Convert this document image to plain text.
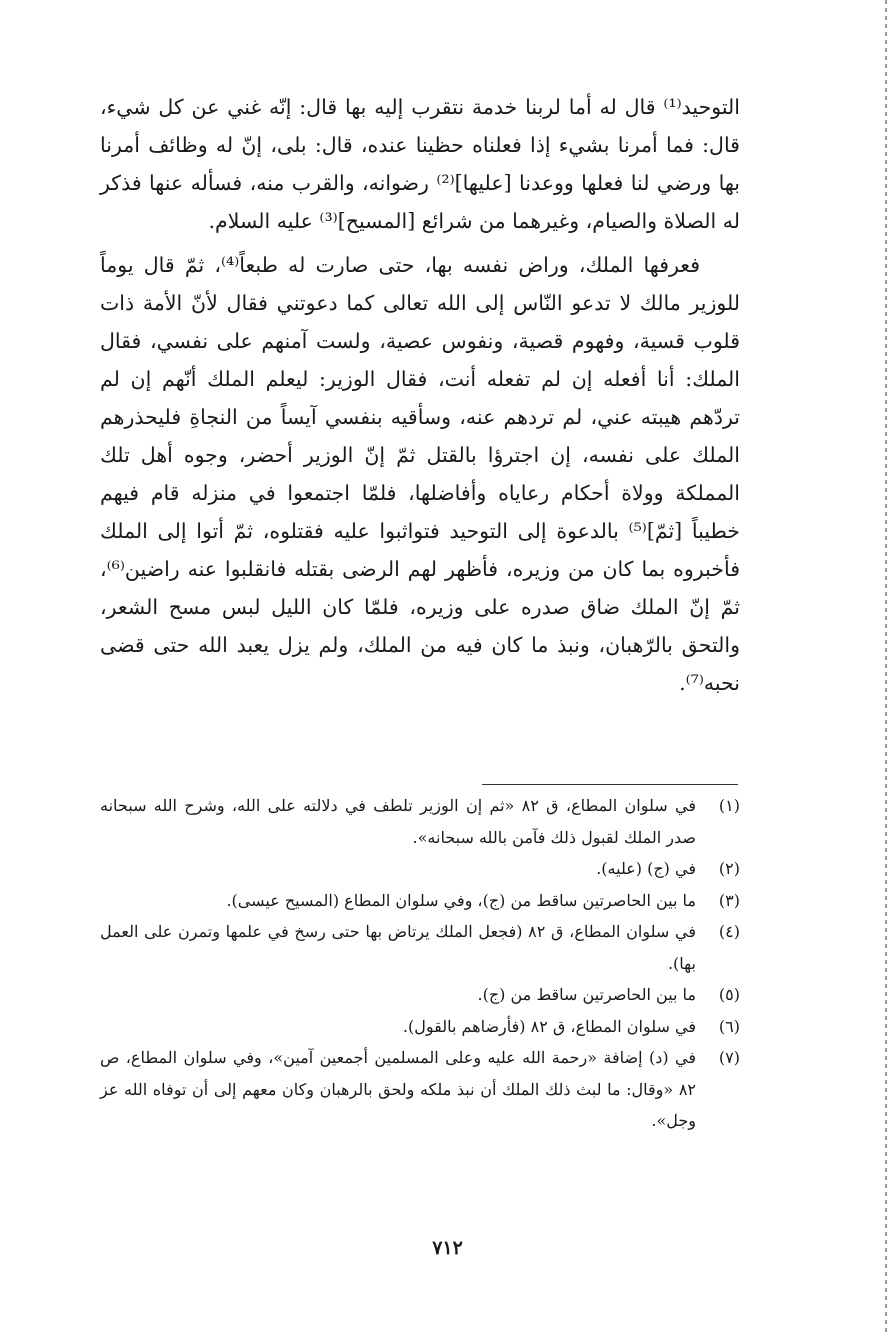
التوحيد⁽¹⁾ قال له أما لربنا خدمة نتقرب إليه بها قال: إنّه غني عن كل شيء، قال: فما أمرنا بشيء إذا فعلناه حظينا عنده، قال: بلى، إنّ له وظائف أمرنا بها ورضي لنا فعلها ووعدنا [عليها]⁽²⁾ رضوانه، والقرب منه، فسأله عنها فذكر له الصلاة والصيام، وغيرهما من شرائع [المسيح]⁽³⁾ عليه السلام.

فعرفها الملك، وراض نفسه بها، حتى صارت له طبعاً⁽⁴⁾، ثمّ قال يوماً للوزير مالك لا تدعو النّاس إلى الله تعالى كما دعوتني فقال لأنّ الأمة ذات قلوب قسية، وفهوم قصية، ونفوس عصية، ولست آمنهم على نفسي، فقال الملك: أنا أفعله إن لم تفعله أنت، فقال الوزير: ليعلم الملك أنّهم إن لم تردّهم هيبته عني، لم تردهم عنه، وسأقيه بنفسي آيساً من النجاةِ فليحذرهم الملك على نفسه، إن اجترؤا بالقتل ثمّ إنّ الوزير أحضر، وجوه أهل تلك المملكة وولاة أحكام رعاياه وأفاضلها، فلمّا اجتمعوا في منزله قام فيهم خطيباً [ثمّ]⁽⁵⁾ بالدعوة إلى التوحيد فتواثبوا عليه فقتلوه، ثمّ أتوا إلى الملك فأخبروه بما كان من وزيره، فأظهر لهم الرضى بقتله فانقلبوا عنه راضين⁽⁶⁾، ثمّ إنّ الملك ضاق صدره على وزيره، فلمّا كان الليل لبس مسح الشعر، والتحق بالرّهبان، ونبذ ما كان فيه من الملك، ولم يزل يعبد الله حتى قضى نحبه⁽⁷⁾.

(١)
في سلوان المطاع، ق ٨٢ «ثم إن الوزير تلطف في دلالته على الله، وشرح الله سبحانه صدر الملك لقبول ذلك فآمن بالله سبحانه».
(٢)
في (ج) (عليه).
(٣)
ما بين الحاصرتين ساقط من (ج)، وفي سلوان المطاع (المسيح عيسى).
(٤)
في سلوان المطاع، ق ٨٢ (فجعل الملك يرتاض بها حتى رسخ في علمها وتمرن على العمل بها).
(٥)
ما بين الحاصرتين ساقط من (ج).
(٦)
في سلوان المطاع، ق ٨٢ (فأرضاهم بالقول).
(٧)
في (د) إضافة «رحمة الله عليه وعلى المسلمين أجمعين آمين»، وفي سلوان المطاع، ص ٨٢ «وقال: ما لبث ذلك الملك أن نبذ ملكه ولحق بالرهبان وكان معهم إلى أن توفاه الله عز وجل».
٧١٢
